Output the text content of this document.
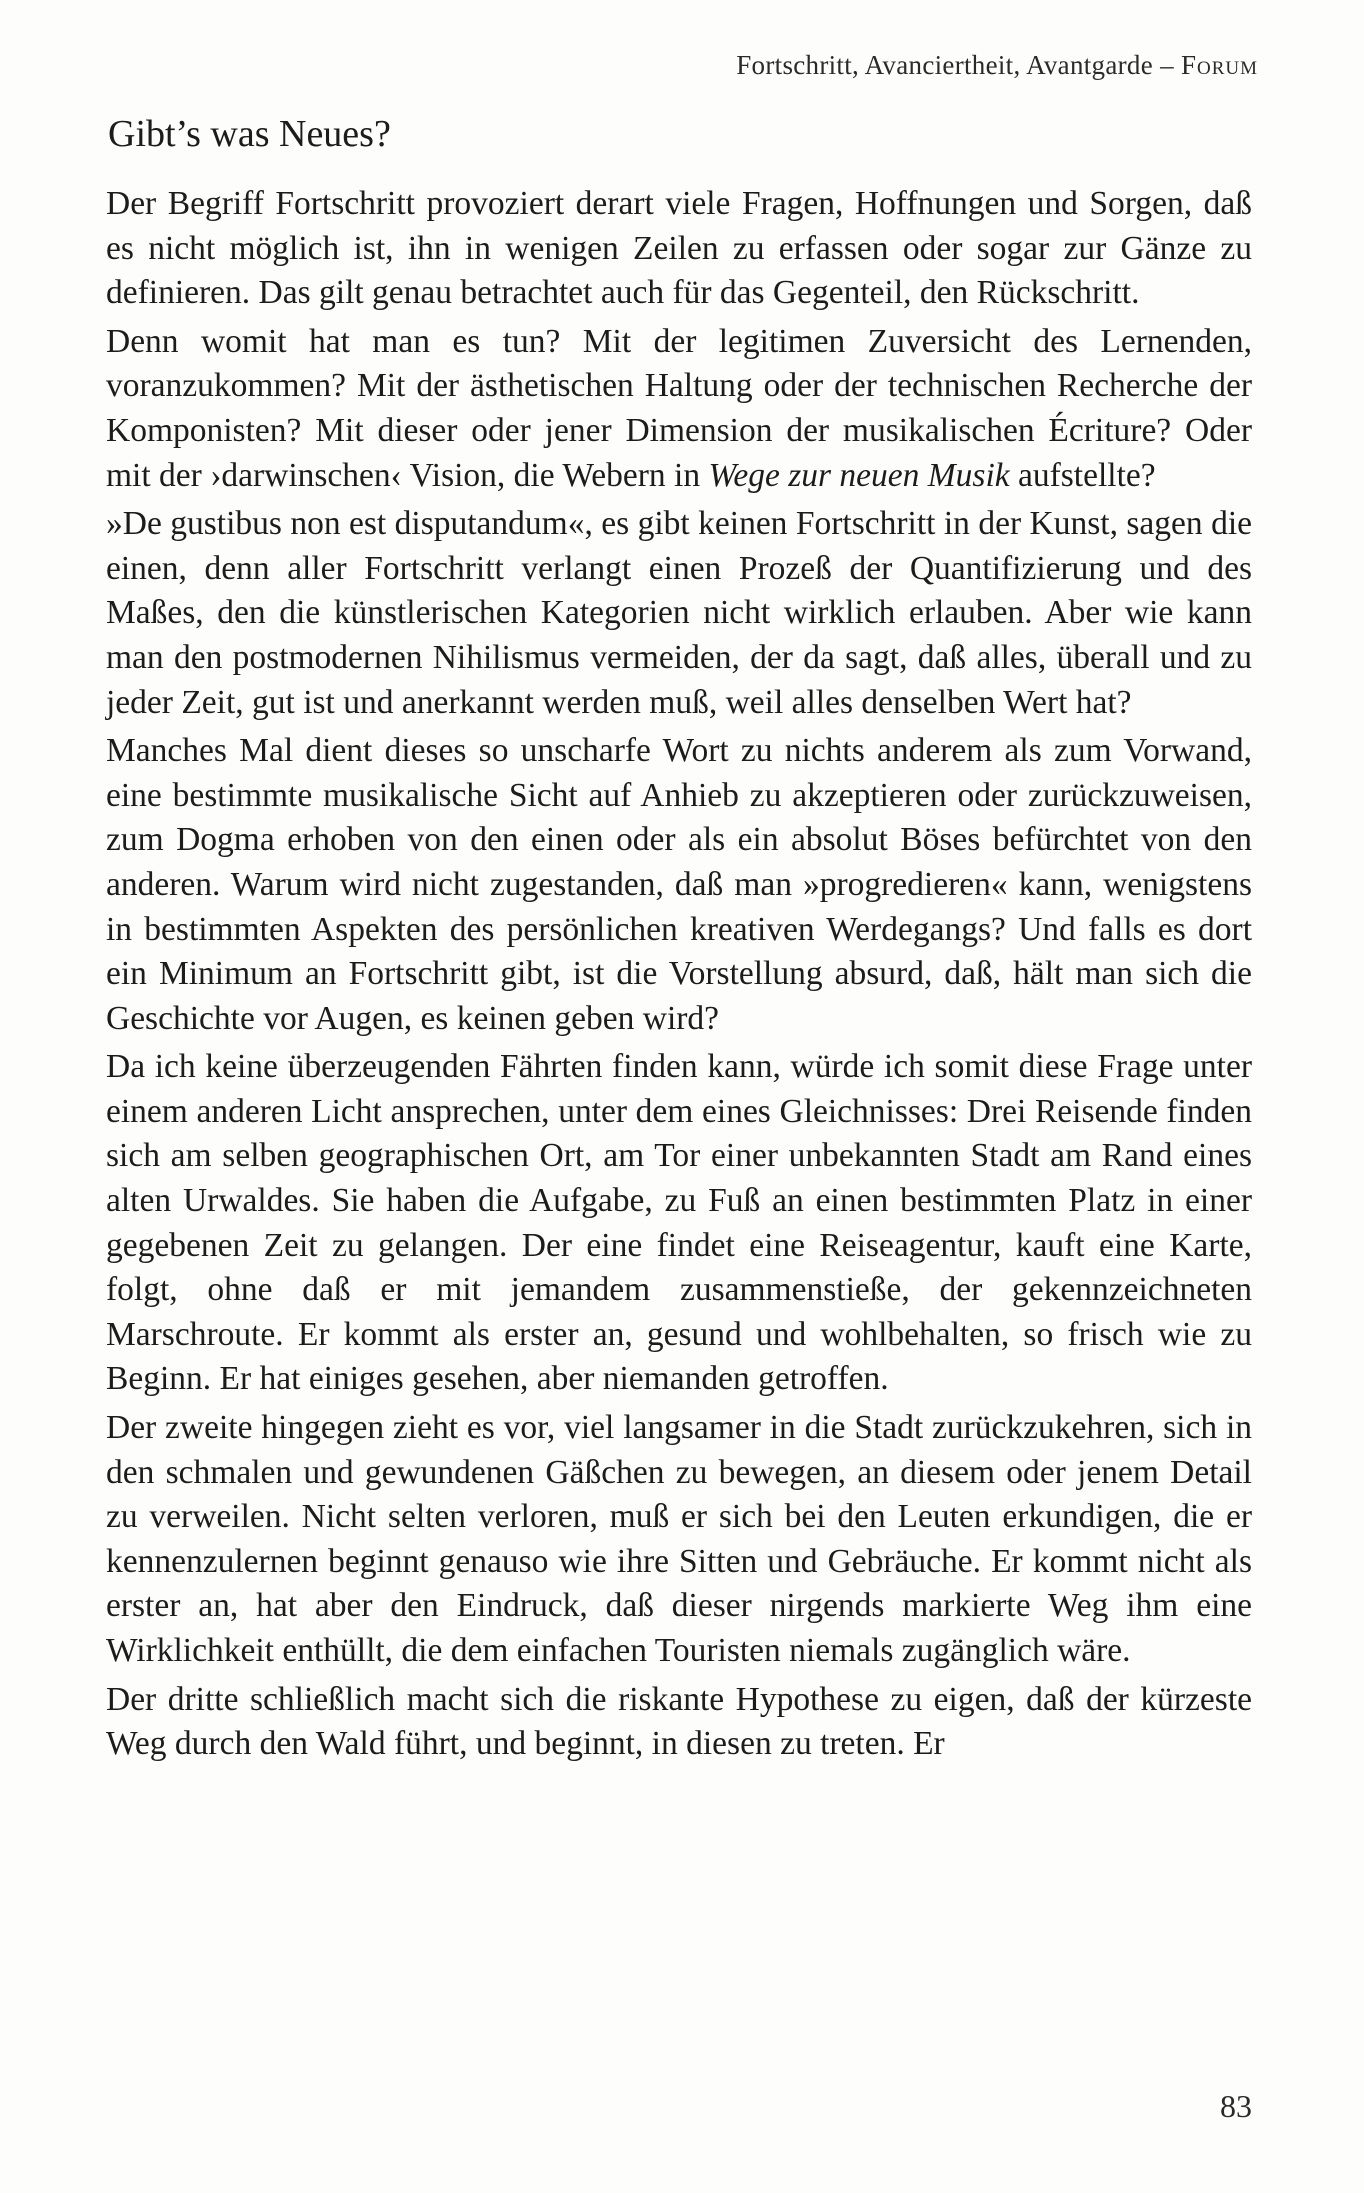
Fortschritt, Avanciertheit, Avantgarde – Forum
Gibt’s was Neues?

Der Begriff Fortschritt provoziert derart viele Fragen, Hoffnungen und Sorgen, daß es nicht möglich ist, ihn in wenigen Zeilen zu erfassen oder sogar zur Gänze zu definieren. Das gilt genau betrachtet auch für das Gegenteil, den Rückschritt.

Denn womit hat man es tun? Mit der legitimen Zuversicht des Lernenden, voranzukommen? Mit der ästhetischen Haltung oder der technischen Recherche der Komponisten? Mit dieser oder jener Dimension der musikalischen Écriture? Oder mit der ›darwinschen‹ Vision, die Webern in Wege zur neuen Musik aufstellte?

»De gustibus non est disputandum«, es gibt keinen Fortschritt in der Kunst, sagen die einen, denn aller Fortschritt verlangt einen Prozeß der Quantifizierung und des Maßes, den die künstlerischen Kategorien nicht wirklich erlauben. Aber wie kann man den postmodernen Nihilismus vermeiden, der da sagt, daß alles, überall und zu jeder Zeit, gut ist und anerkannt werden muß, weil alles denselben Wert hat?

Manches Mal dient dieses so unscharfe Wort zu nichts anderem als zum Vorwand, eine bestimmte musikalische Sicht auf Anhieb zu akzeptieren oder zurückzuweisen, zum Dogma erhoben von den einen oder als ein absolut Böses befürchtet von den anderen. Warum wird nicht zugestanden, daß man »progredieren« kann, wenigstens in bestimmten Aspekten des persönlichen kreativen Werdegangs? Und falls es dort ein Minimum an Fortschritt gibt, ist die Vorstellung absurd, daß, hält man sich die Geschichte vor Augen, es keinen geben wird?

Da ich keine überzeugenden Fährten finden kann, würde ich somit diese Frage unter einem anderen Licht ansprechen, unter dem eines Gleichnisses: Drei Reisende finden sich am selben geographischen Ort, am Tor einer unbekannten Stadt am Rand eines alten Urwaldes. Sie haben die Aufgabe, zu Fuß an einen bestimmten Platz in einer gegebenen Zeit zu gelangen. Der eine findet eine Reiseagentur, kauft eine Karte, folgt, ohne daß er mit jemandem zusammenstieße, der gekennzeichneten Marschroute. Er kommt als erster an, gesund und wohlbehalten, so frisch wie zu Beginn. Er hat einiges gesehen, aber niemanden getroffen.

Der zweite hingegen zieht es vor, viel langsamer in die Stadt zurückzukehren, sich in den schmalen und gewundenen Gäßchen zu bewegen, an diesem oder jenem Detail zu verweilen. Nicht selten verloren, muß er sich bei den Leuten erkundigen, die er kennenzulernen beginnt genauso wie ihre Sitten und Gebräuche. Er kommt nicht als erster an, hat aber den Eindruck, daß dieser nirgends markierte Weg ihm eine Wirklichkeit enthüllt, die dem einfachen Touristen niemals zugänglich wäre.

Der dritte schließlich macht sich die riskante Hypothese zu eigen, daß der kürzeste Weg durch den Wald führt, und beginnt, in diesen zu treten. Er

83
